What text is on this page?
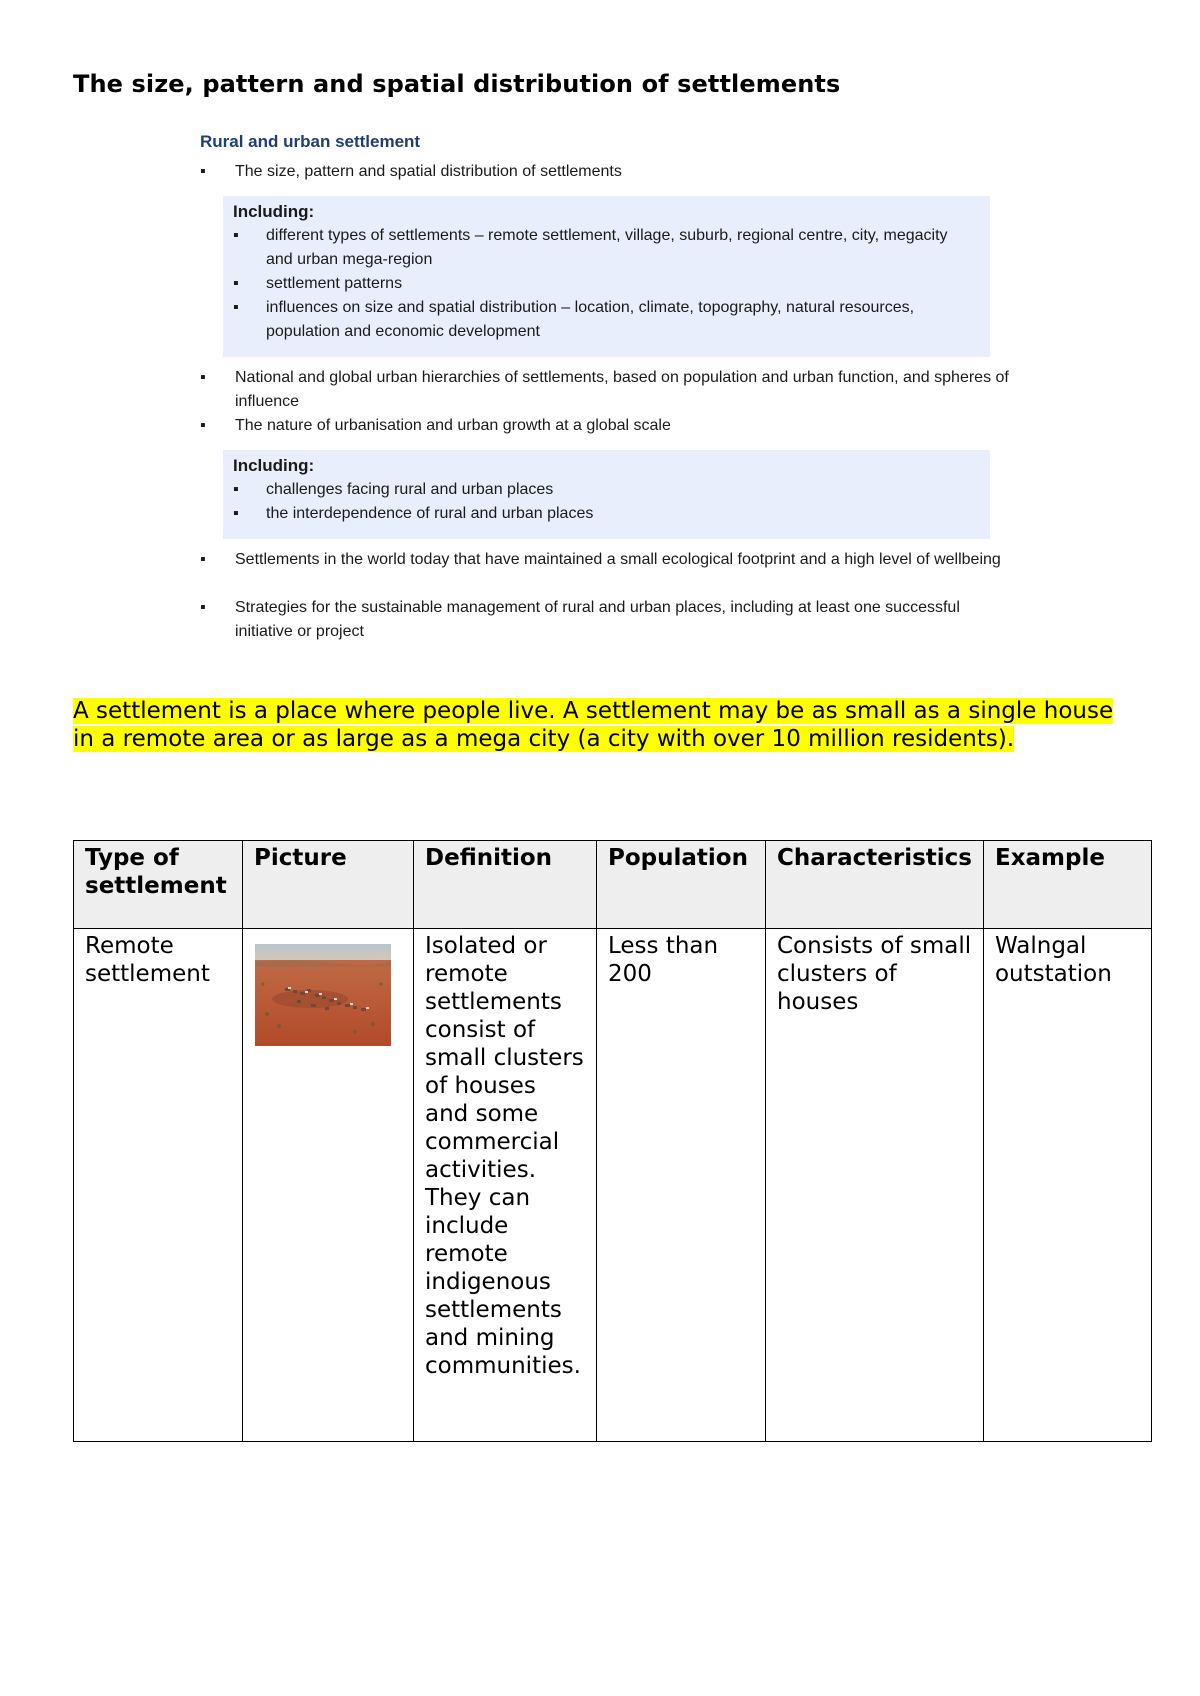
The size, pattern and spatial distribution of settlements
Rural and urban settlement
▪ The size, pattern and spatial distribution of settlements
Including:
▪ different types of settlements – remote settlement, village, suburb, regional centre, city, megacity and urban mega-region
▪ settlement patterns
▪ influences on size and spatial distribution – location, climate, topography, natural resources, population and economic development
▪ National and global urban hierarchies of settlements, based on population and urban function, and spheres of influence
▪ The nature of urbanisation and urban growth at a global scale
Including:
▪ challenges facing rural and urban places
▪ the interdependence of rural and urban places
▪ Settlements in the world today that have maintained a small ecological footprint and a high level of wellbeing
▪ Strategies for the sustainable management of rural and urban places, including at least one successful initiative or project
A settlement is a place where people live. A settlement may be as small as a single house in a remote area or as large as a mega city (a city with over 10 million residents).
Type of settlement	Picture	Definition	Population	Characteristics	Example
Remote settlement		Isolated or remote settlements consist of small clusters of houses and some commercial activities. They can include remote indigenous settlements and mining communities.	Less than 200	Consists of small clusters of houses	Walngal outstation
